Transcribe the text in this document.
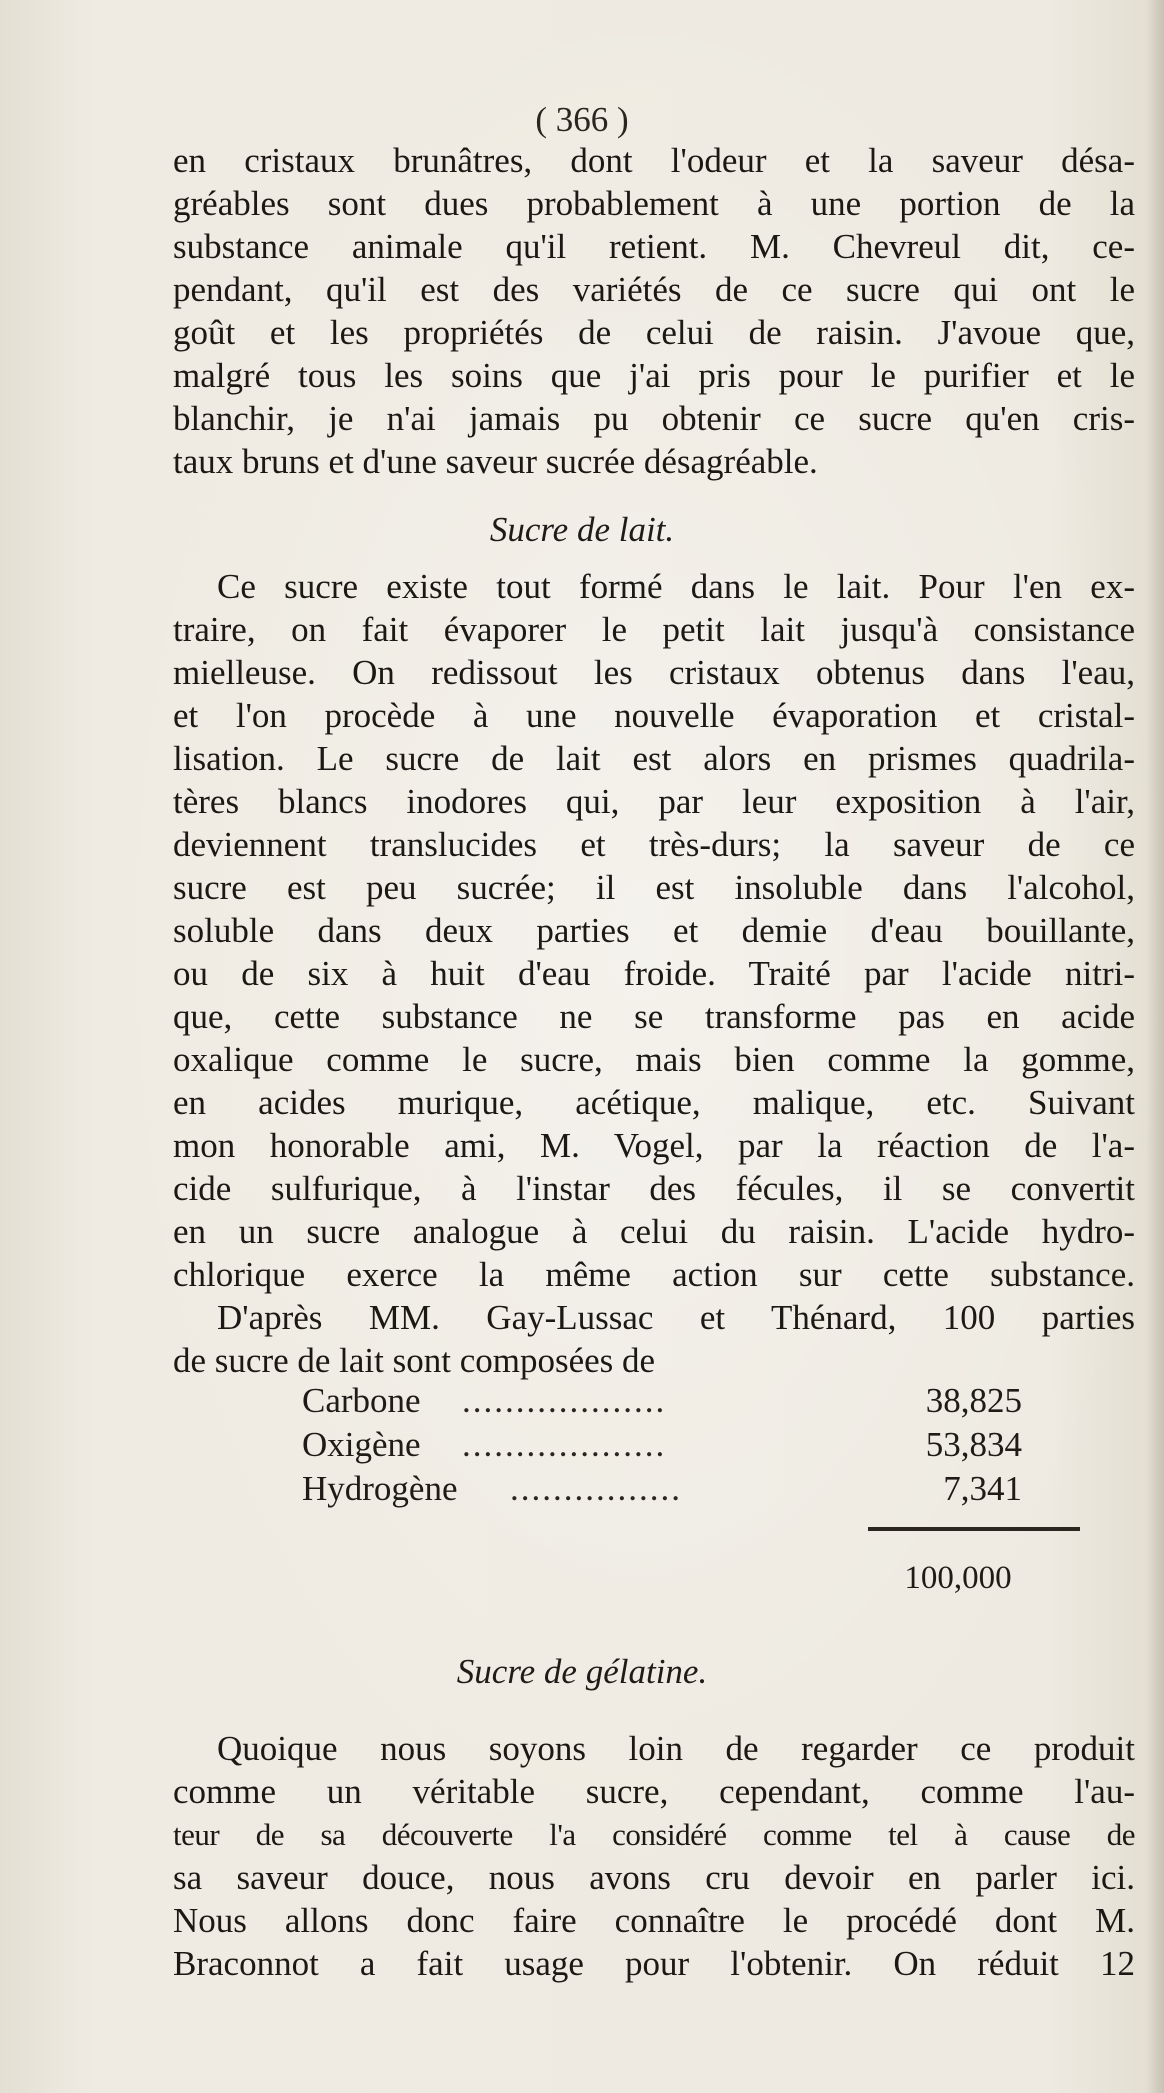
( 366 )
en cristaux brunâtres, dont l'odeur et la saveur désa-
gréables sont dues probablement à une portion de la
substance animale qu'il retient. M. Chevreul dit, ce-
pendant, qu'il est des variétés de ce sucre qui ont le
goût et les propriétés de celui de raisin. J'avoue que,
malgré tous les soins que j'ai pris pour le purifier et le
blanchir, je n'ai jamais pu obtenir ce sucre qu'en cris-
taux bruns et d'une saveur sucrée désagréable.
Sucre de lait.
Ce sucre existe tout formé dans le lait. Pour l'en ex-
traire, on fait évaporer le petit lait jusqu'à consistance
mielleuse. On redissout les cristaux obtenus dans l'eau,
et l'on procède à une nouvelle évaporation et cristal-
lisation. Le sucre de lait est alors en prismes quadrila-
tères blancs inodores qui, par leur exposition à l'air,
deviennent translucides et très-durs; la saveur de ce
sucre est peu sucrée; il est insoluble dans l'alcohol,
soluble dans deux parties et demie d'eau bouillante,
ou de six à huit d'eau froide. Traité par l'acide nitri-
que, cette substance ne se transforme pas en acide
oxalique comme le sucre, mais bien comme la gomme,
en acides murique, acétique, malique, etc. Suivant
mon honorable ami, M. Vogel, par la réaction de l'a-
cide sulfurique, à l'instar des fécules, il se convertit
en un sucre analogue à celui du raisin. L'acide hydro-
chlorique exerce la même action sur cette substance.
D'après MM. Gay-Lussac et Thénard, 100 parties
de sucre de lait sont composées de
Carbone ...................	38,825
Oxigène ...................	53,834
Hydrogène ................	7,341
100,000
Sucre de gélatine.
Quoique nous soyons loin de regarder ce produit
comme un véritable sucre, cependant, comme l'au-
teur de sa découverte l'a considéré comme tel à cause de
sa saveur douce, nous avons cru devoir en parler ici.
Nous allons donc faire connaître le procédé dont M.
Braconnot a fait usage pour l'obtenir. On réduit 12
